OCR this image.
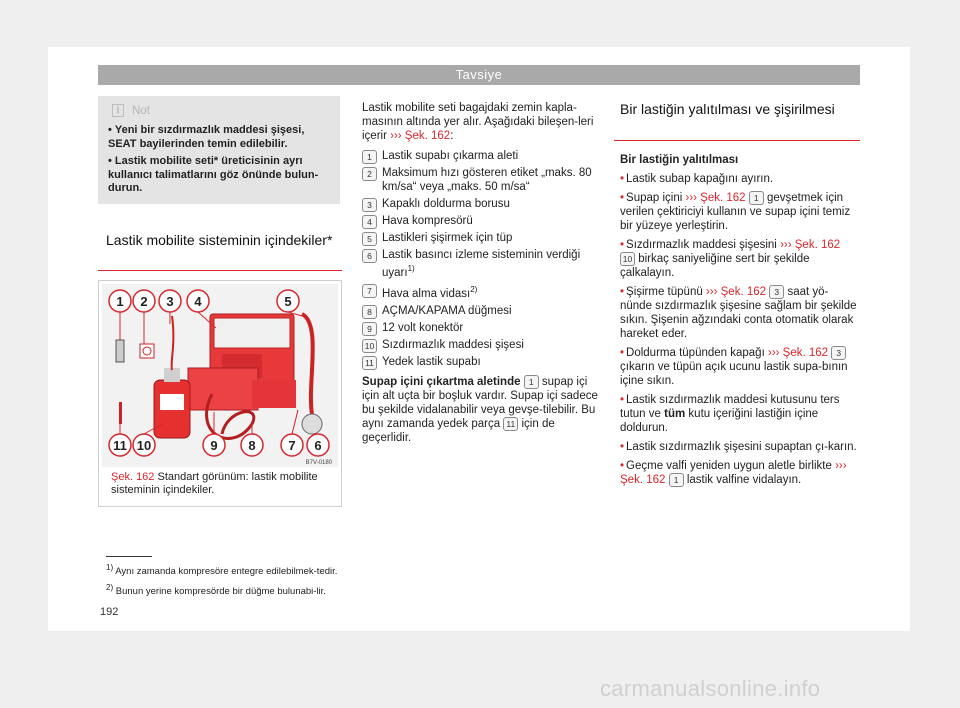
Tavsiye
i	Not
• Yeni bir sızdırmazlık maddesi şişesi, SEAT bayilerinden temin edilebilir.
• Lastik mobilite seti* üreticisinin ayrı kullanıcı talimatlarını göz önünde bulun-durun.
Lastik mobilite sisteminin içindekiler*
1 2 3 4	5
11 10	9 8	7 6
B7V-0180
Şek. 162 Standart görünüm: lastik mobilite sisteminin içindekiler.

Lastik mobilite seti bagajdaki zemin kapla-masının altında yer alır. Aşağıdaki bileşen-leri içerir ››› Şek. 162:

1 Lastik supabı çıkarma aleti
2 Maksimum hızı gösteren etiket „maks. 80 km/sa“ veya „maks. 50 m/sa“
3 Kapaklı doldurma borusu
4 Hava kompresörü
5 Lastikleri şişirmek için tüp
6 Lastik basıncı izleme sisteminin verdiği uyarı$^{1)}$
7 Hava alma vidası$^{2)}$
8 AÇMA/KAPAMA düğmesi
9 12 volt konektör
10 Sızdırmazlık maddesi şişesi
11 Yedek lastik supabı

Supap içini çıkartma aletinde 1 supap içi için alt uçta bir boşluk vardır. Supap içi sadece bu şekilde vidalanabilir veya gevşe-tilebilir. Bu aynı zamanda yedek parça 11 için de geçerlidir.

Bir lastiğin yalıtılması ve şişirilmesi

Bir lastiğin yalıtılması

• Lastik subap kapağını ayırın.

• Supap içini ››› Şek. 162 1 gevşetmek için verilen çektiriciyi kullanın ve supap içini temiz bir yüzeye yerleştirin.

• Sızdırmazlık maddesi şişesini ››› Şek. 162 10 birkaç saniyeliğine sert bir şekilde çalkalayın.

• Şişirme tüpünü ››› Şek. 162 3 saat yö-nünde sızdırmazlık şişesine sağlam bir şekilde sıkın. Şişenin ağzındaki conta otomatik olarak hareket eder.

• Doldurma tüpünden kapağı ››› Şek. 162 3 çıkarın ve tüpün açık ucunu lastik supa-bının içine sıkın.

• Lastik sızdırmazlık maddesi kutusunu ters tutun ve tüm kutu içeriğini lastiğin içine doldurun.

• Lastik sızdırmazlık şişesini supaptan çı-karın.

• Geçme valfi yeniden uygun aletle birlikte ››› Şek. 162 1 lastik valfine vidalayın.

$^{1)}$ Aynı zamanda kompresöre entegre edilebilmek-tedir.

$^{2)}$ Bunun yerine kompresörde bir düğme bulunabi-lir.

192
carmanualsonline.info
